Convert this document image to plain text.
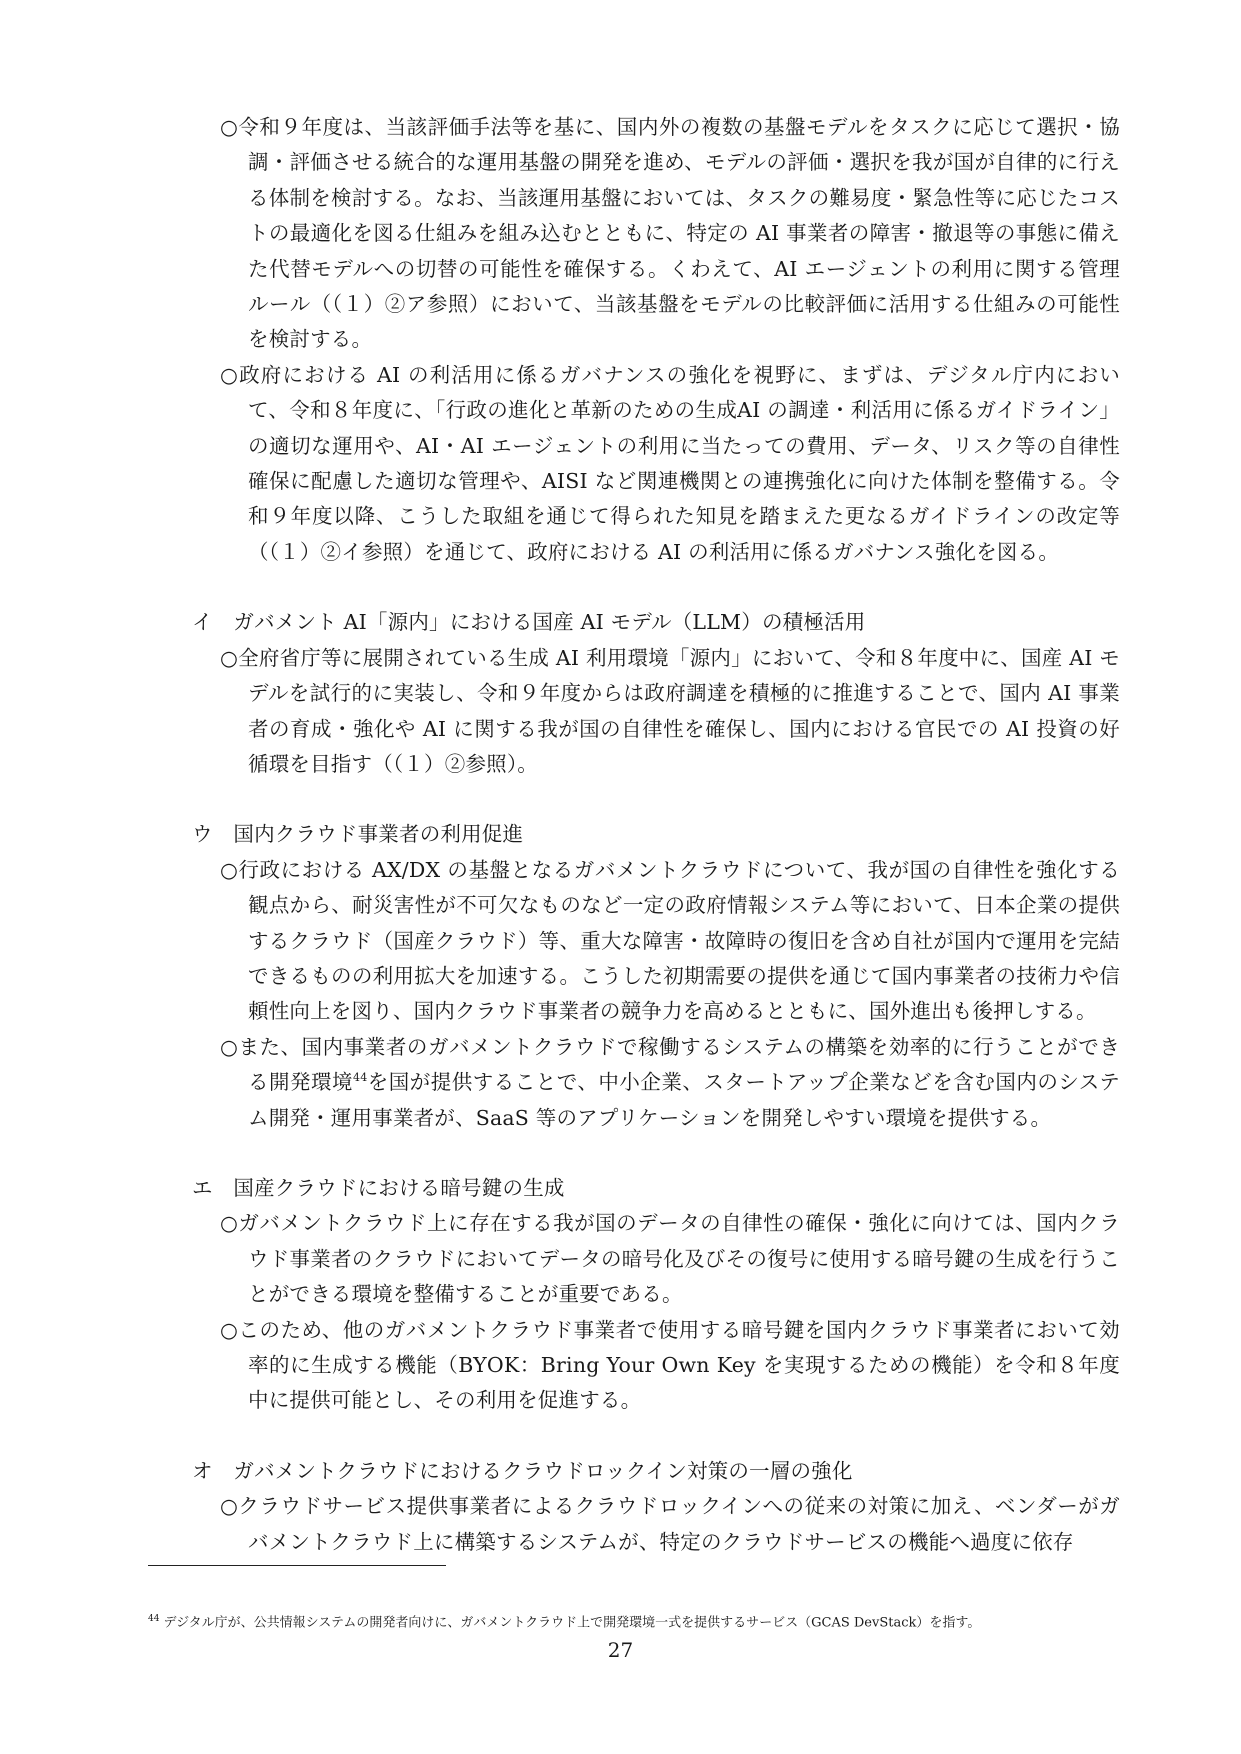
○令和９年度は、当該評価手法等を基に、国内外の複数の基盤モデルをタスクに応じて選択・協調・評価させる統合的な運用基盤の開発を進め、モデルの評価・選択を我が国が自律的に行える体制を検討する。なお、当該運用基盤においては、タスクの難易度・緊急性等に応じたコストの最適化を図る仕組みを組み込むとともに、特定の AI 事業者の障害・撤退等の事態に備えた代替モデルへの切替の可能性を確保する。くわえて、AI エージェントの利用に関する管理ルール（（１）②ア参照）において、当該基盤をモデルの比較評価に活用する仕組みの可能性を検討する。

○政府における AI の利活用に係るガバナンスの強化を視野に、まずは、デジタル庁内において、令和８年度に、「行政の進化と革新のための生成AI の調達・利活用に係るガイドライン」の適切な運用や、AI・AI エージェントの利用に当たっての費用、データ、リスク等の自律性確保に配慮した適切な管理や、AISI など関連機関との連携強化に向けた体制を整備する。令和９年度以降、こうした取組を通じて得られた知見を踏まえた更なるガイドラインの改定等（（１）②イ参照）を通じて、政府における AI の利活用に係るガバナンス強化を図る。

イ　ガバメント AI「源内」における国産 AI モデル（LLM）の積極活用

○全府省庁等に展開されている生成 AI 利用環境「源内」において、令和８年度中に、国産 AI モデルを試行的に実装し、令和９年度からは政府調達を積極的に推進することで、国内 AI 事業者の育成・強化や AI に関する我が国の自律性を確保し、国内における官民での AI 投資の好循環を目指す（（１）②参照）。

ウ　国内クラウド事業者の利用促進

○行政における AX/DX の基盤となるガバメントクラウドについて、我が国の自律性を強化する観点から、耐災害性が不可欠なものなど一定の政府情報システム等において、日本企業の提供するクラウド（国産クラウド）等、重大な障害・故障時の復旧を含め自社が国内で運用を完結できるものの利用拡大を加速する。こうした初期需要の提供を通じて国内事業者の技術力や信頼性向上を図り、国内クラウド事業者の競争力を高めるとともに、国外進出も後押しする。

○また、国内事業者のガバメントクラウドで稼働するシステムの構築を効率的に行うことができる開発環境$^{44}$を国が提供することで、中小企業、スタートアップ企業などを含む国内のシステム開発・運用事業者が、SaaS 等のアプリケーションを開発しやすい環境を提供する。

エ　国産クラウドにおける暗号鍵の生成

○ガバメントクラウド上に存在する我が国のデータの自律性の確保・強化に向けては、国内クラウド事業者のクラウドにおいてデータの暗号化及びその復号に使用する暗号鍵の生成を行うことができる環境を整備することが重要である。

○このため、他のガバメントクラウド事業者で使用する暗号鍵を国内クラウド事業者において効率的に生成する機能（BYOK：Bring Your Own Key を実現するための機能）を令和８年度中に提供可能とし、その利用を促進する。

オ　ガバメントクラウドにおけるクラウドロックイン対策の一層の強化

○クラウドサービス提供事業者によるクラウドロックインへの従来の対策に加え、ベンダーがガバメントクラウド上に構築するシステムが、特定のクラウドサービスの機能へ過度に依存

$^{44}$ デジタル庁が、公共情報システムの開発者向けに、ガバメントクラウド上で開発環境一式を提供するサービス（GCAS DevStack）を指す。
27
